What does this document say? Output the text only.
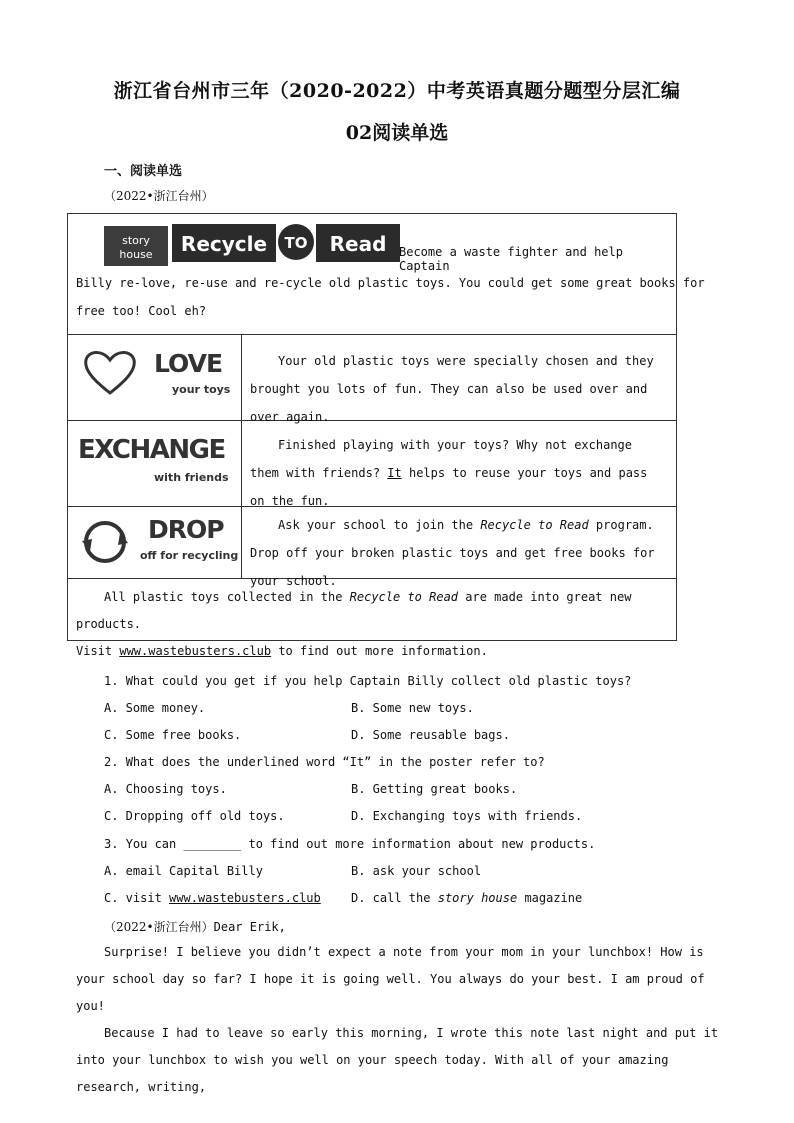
浙江省台州市三年（2020-2022）中考英语真题分题型分层汇编
02阅读单选
一、阅读单选
（2022•浙江台州）
story
house Recycle TO Read Become a waste fighter and help Captain
Billy re-love, re-use and re-cycle old plastic toys. You could get some great books for
free too! Cool eh?
LOVE
your toys

Your old plastic toys were specially chosen and they brought you lots of fun. They can also be used over and over again.

EXCHANGE
with friends

Finished playing with your toys? Why not exchange them with friends? It helps to reuse your toys and pass on the fun.

DROP
off for recycling

Ask your school to join the Recycle to Read program. Drop off your broken plastic toys and get free books for your school.

All plastic toys collected in the Recycle to Read are made into great new products.
Visit www.wastebusters.club to find out more information.

1. What could you get if you help Captain Billy collect old plastic toys?
A. Some money.	B. Some new toys.
C. Some free books.	D. Some reusable bags.
2. What does the underlined word “It” in the poster refer to?
A. Choosing toys.	B. Getting great books.
C. Dropping off old toys.	D. Exchanging toys with friends.
3. You can ________ to find out more information about new products.
A. email Capital Billy	B. ask your school
C. visit www.wastebusters.club	D. call the story house magazine
（2022•浙江台州）Dear Erik,

Surprise! I believe you didn’t expect a note from your mom in your lunchbox! How is your school day so far? I hope it is going well. You always do your best. I am proud of you!

Because I had to leave so early this morning, I wrote this note last night and put it into your lunchbox to wish you well on your speech today. With all of your amazing research, writing,
